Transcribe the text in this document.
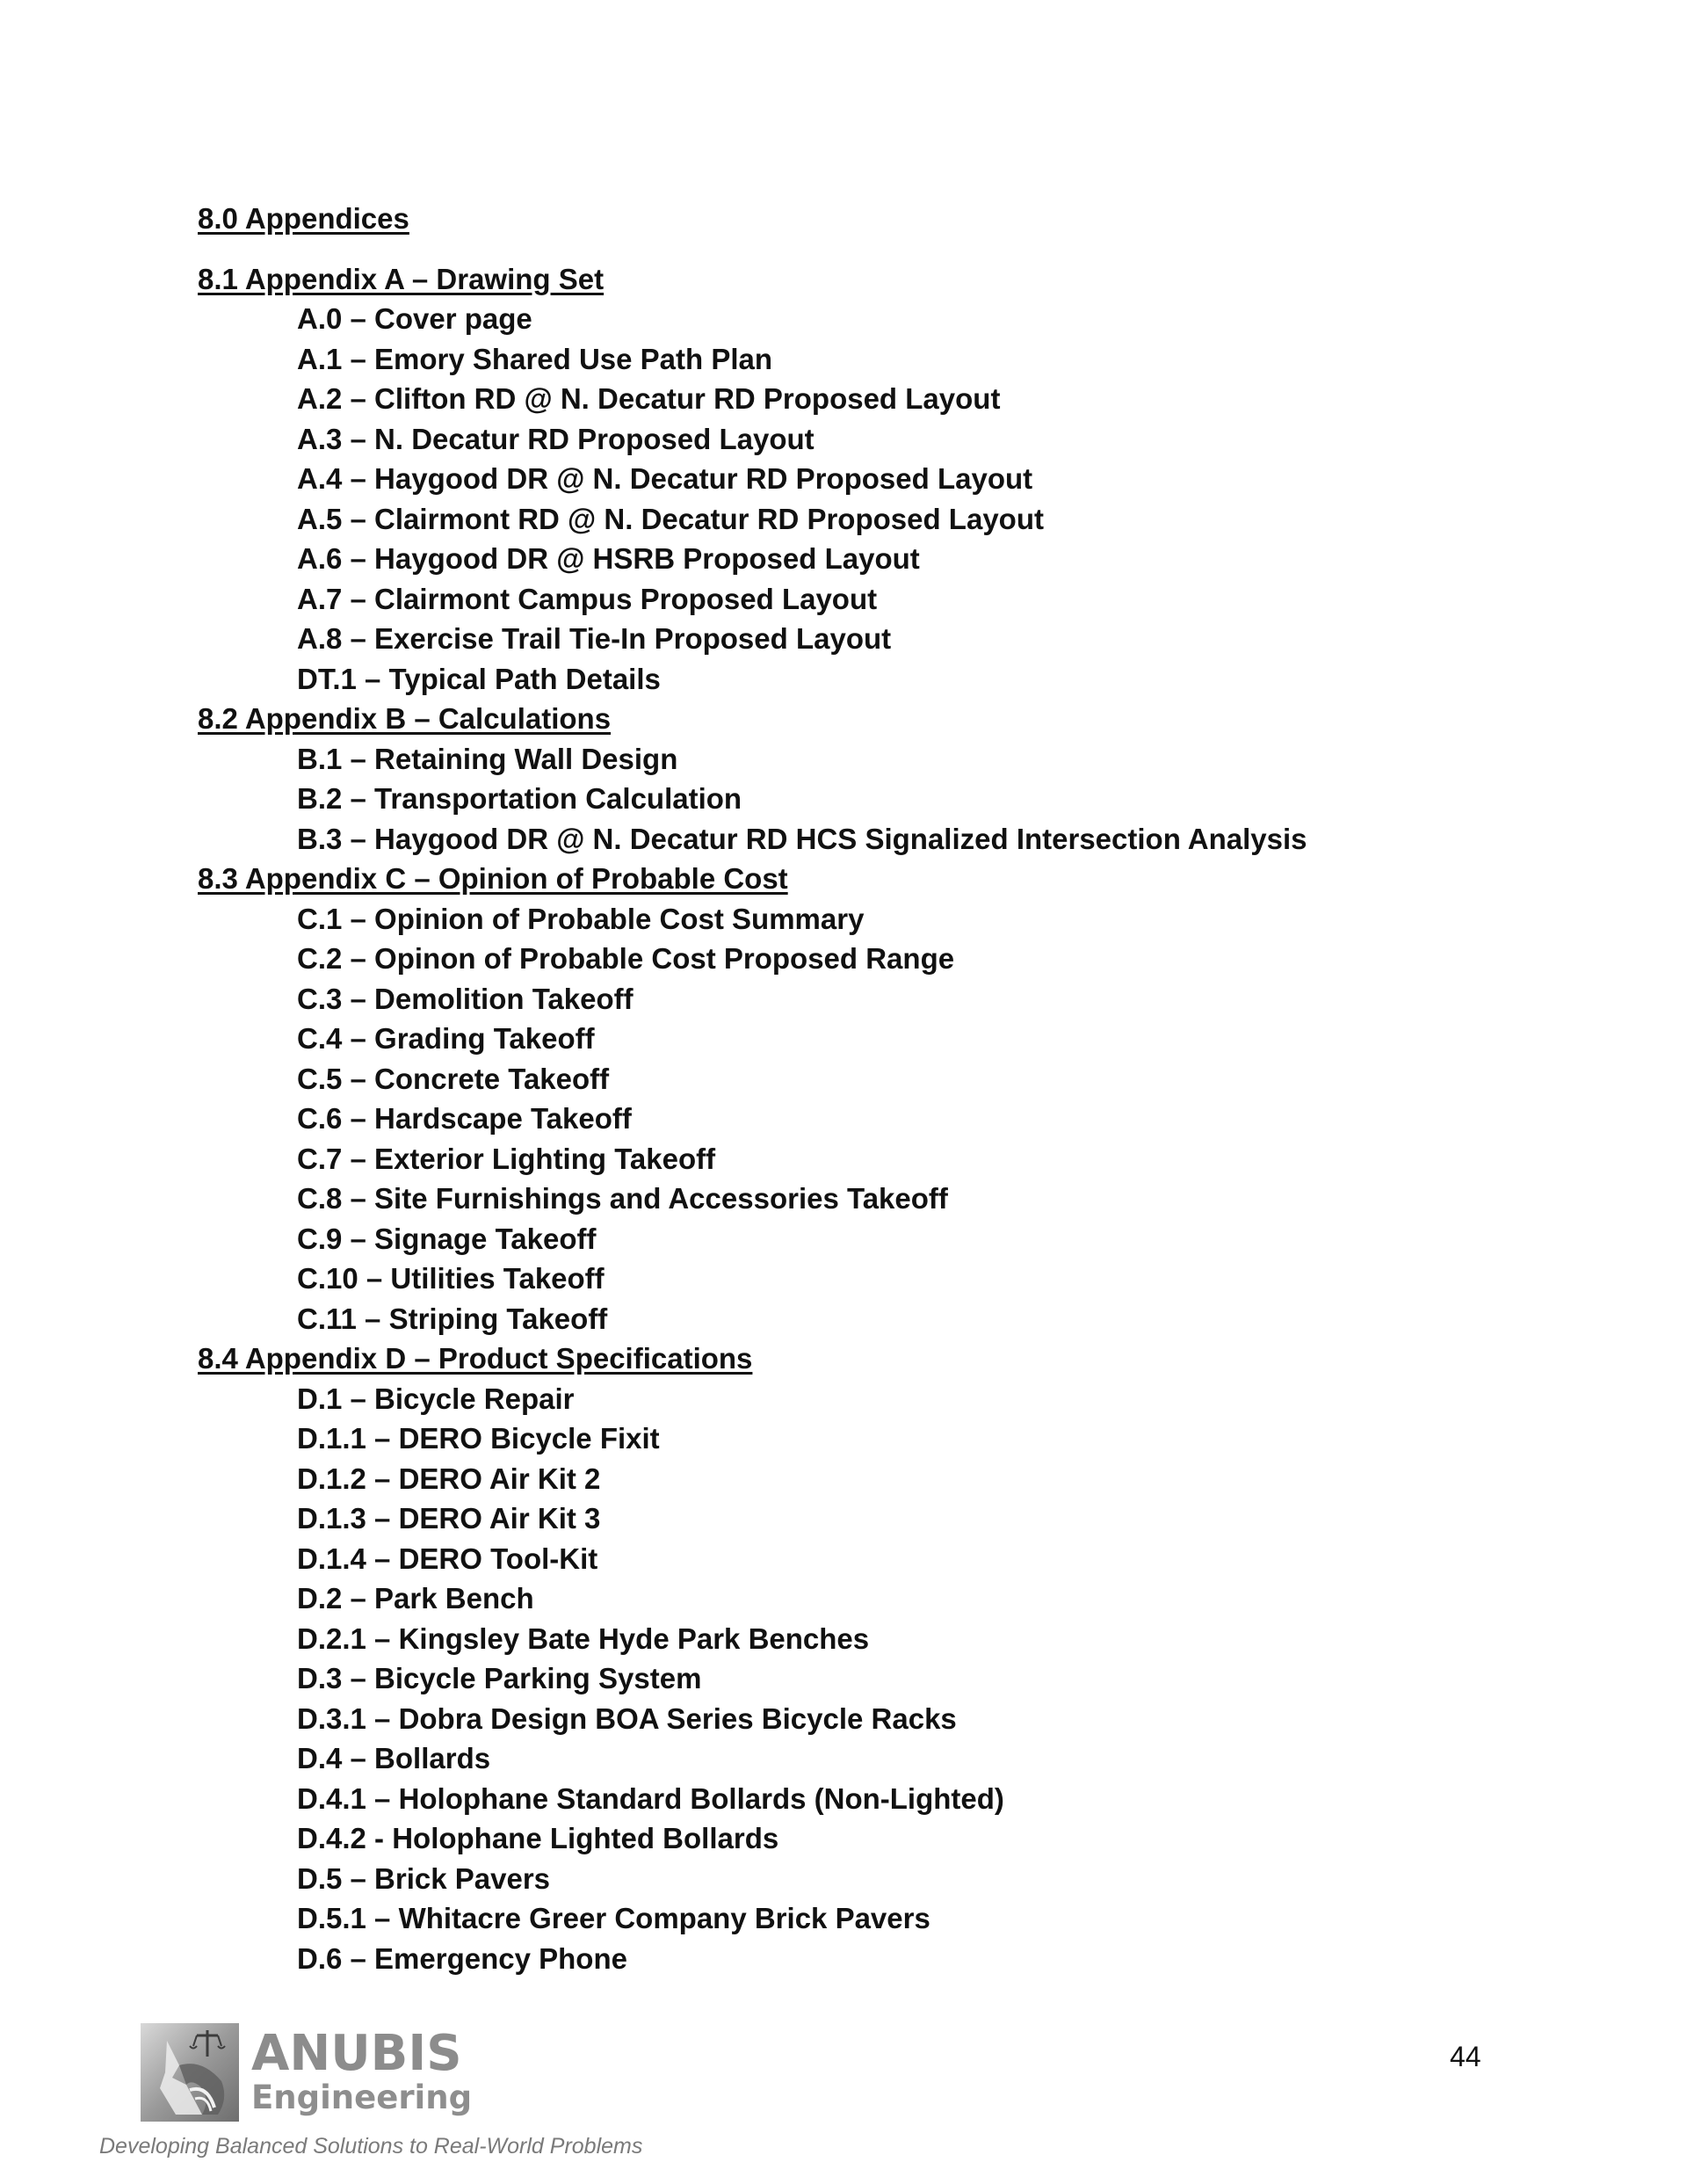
8.0 Appendices
8.1 Appendix A – Drawing Set
A.0 – Cover page
A.1 – Emory Shared Use Path Plan
A.2 – Clifton RD @ N. Decatur RD Proposed Layout
A.3 – N. Decatur RD Proposed Layout
A.4 – Haygood DR @ N. Decatur RD Proposed Layout
A.5 – Clairmont RD @ N. Decatur RD Proposed Layout
A.6 – Haygood DR @ HSRB Proposed Layout
A.7 – Clairmont Campus Proposed Layout
A.8 – Exercise Trail Tie-In Proposed Layout
DT.1 – Typical Path Details
8.2 Appendix B – Calculations
B.1 – Retaining Wall Design
B.2 – Transportation Calculation
B.3 – Haygood DR @ N. Decatur RD HCS Signalized Intersection Analysis
8.3 Appendix C – Opinion of Probable Cost
C.1 – Opinion of Probable Cost Summary
C.2 – Opinon of Probable Cost Proposed Range
C.3 – Demolition Takeoff
C.4 – Grading Takeoff
C.5 – Concrete Takeoff
C.6 – Hardscape Takeoff
C.7 – Exterior Lighting Takeoff
C.8 – Site Furnishings and Accessories Takeoff
C.9 – Signage Takeoff
C.10 – Utilities Takeoff
C.11 – Striping Takeoff
8.4 Appendix D – Product Specifications
D.1 – Bicycle Repair
D.1.1 – DERO Bicycle Fixit
D.1.2 – DERO Air Kit 2
D.1.3 – DERO Air Kit 3
D.1.4 – DERO Tool-Kit
D.2 – Park Bench
D.2.1 – Kingsley Bate Hyde Park Benches
D.3 – Bicycle Parking System
D.3.1 – Dobra Design BOA Series Bicycle Racks
D.4 – Bollards
D.4.1 – Holophane Standard Bollards (Non-Lighted)
D.4.2 - Holophane Lighted Bollards
D.5 – Brick Pavers
D.5.1 – Whitacre Greer Company Brick Pavers
D.6 – Emergency Phone
ANUBIS
Engineering
44
Developing Balanced Solutions to Real-World Problems
